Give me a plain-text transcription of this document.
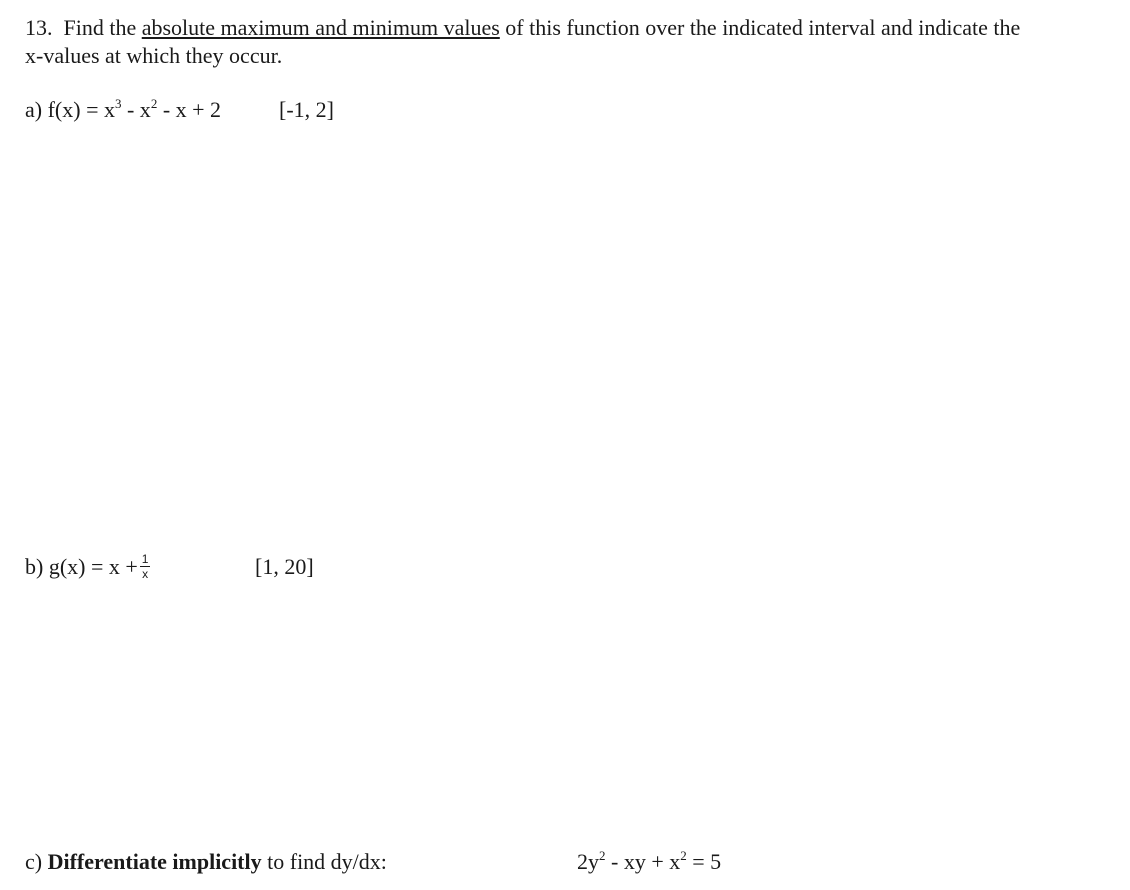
13. Find the absolute maximum and minimum values of this function over the indicated interval and indicate the
x-values at which they occur.
a) $f(x) = x^3 - x^2 - x + 2$	[-1, 2]
b) $g(x) = x + \frac{1}{x}$	[1, 20]
c) Differentiate implicitly to find dy/dx:	$2y^2$ - xy + $x^2 = 5$
